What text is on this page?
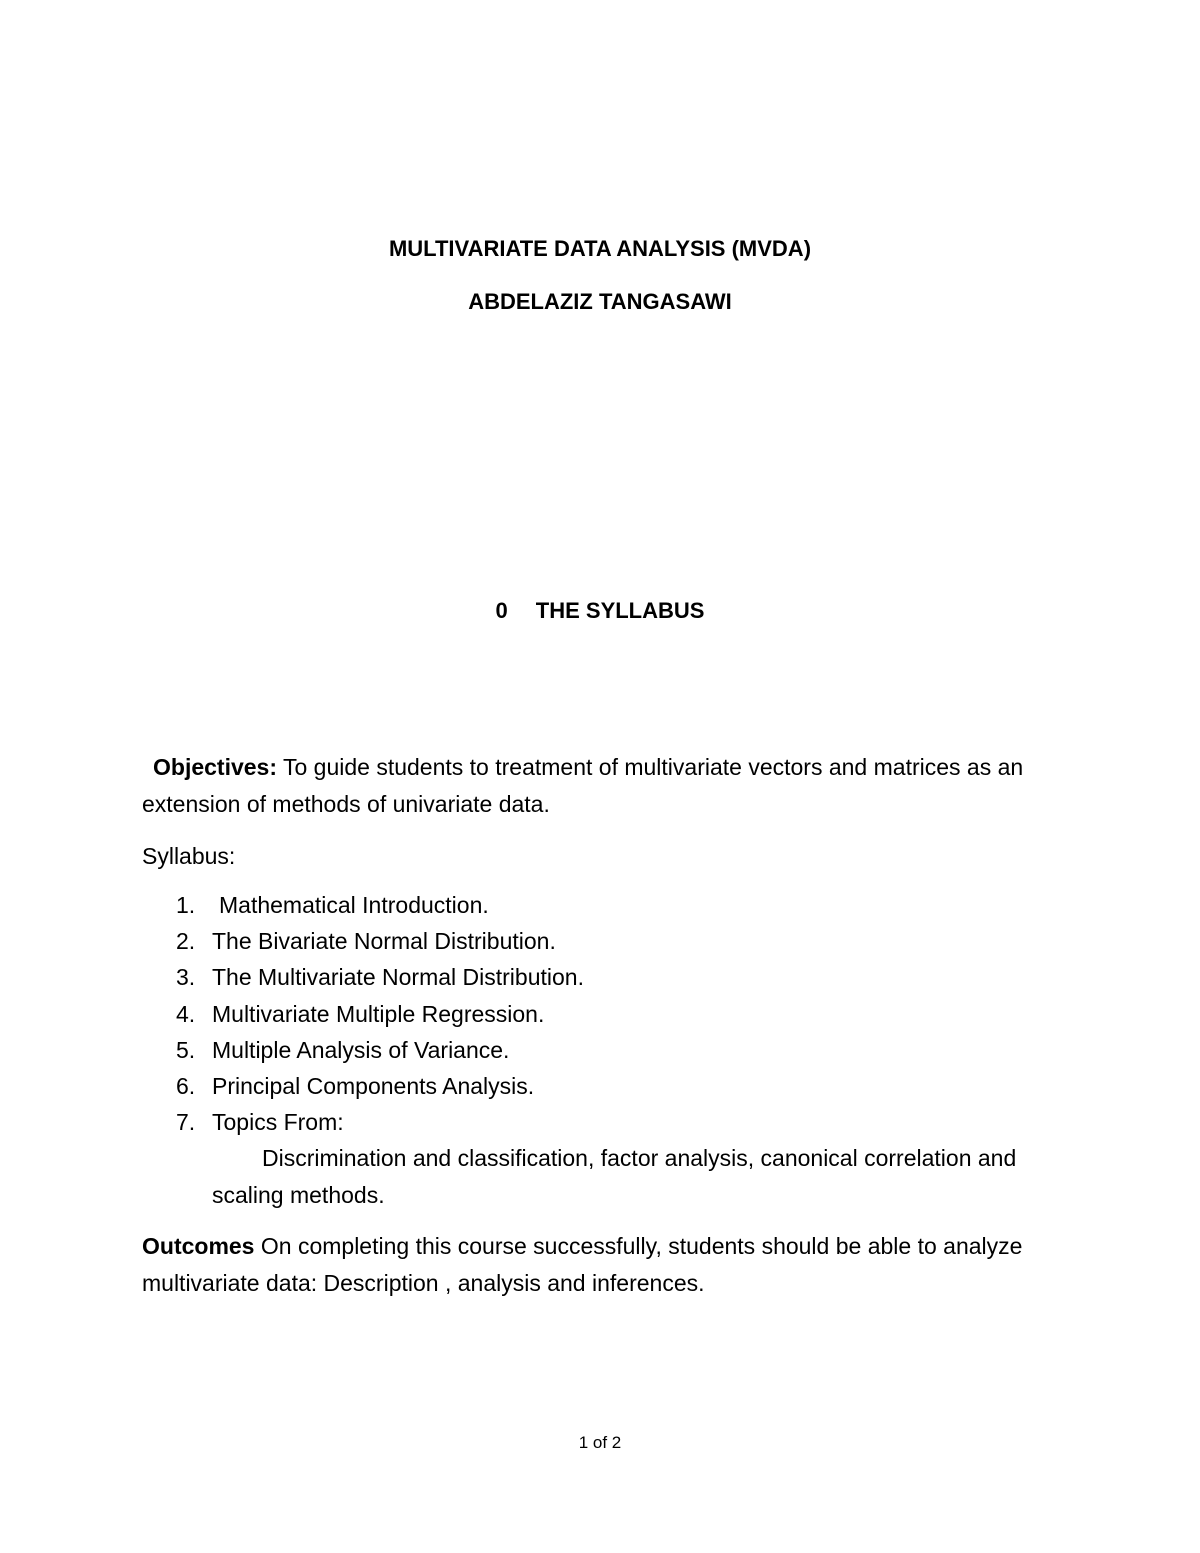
MULTIVARIATE DATA ANALYSIS (MVDA)
ABDELAZIZ TANGASAWI
0 THE SYLLABUS
Objectives: To guide students to treatment of multivariate vectors and matrices as an extension of methods of univariate data.
Syllabus:
1. Mathematical Introduction.
2. The Bivariate Normal Distribution.
3. The Multivariate Normal Distribution.
4. Multivariate Multiple Regression.
5. Multiple Analysis of Variance.
6. Principal Components Analysis.
7. Topics From:
Discrimination and classification, factor analysis, canonical correlation and scaling methods.
Outcomes On completing this course successfully, students should be able to analyze multivariate data: Description , analysis and inferences.
1 of 2
